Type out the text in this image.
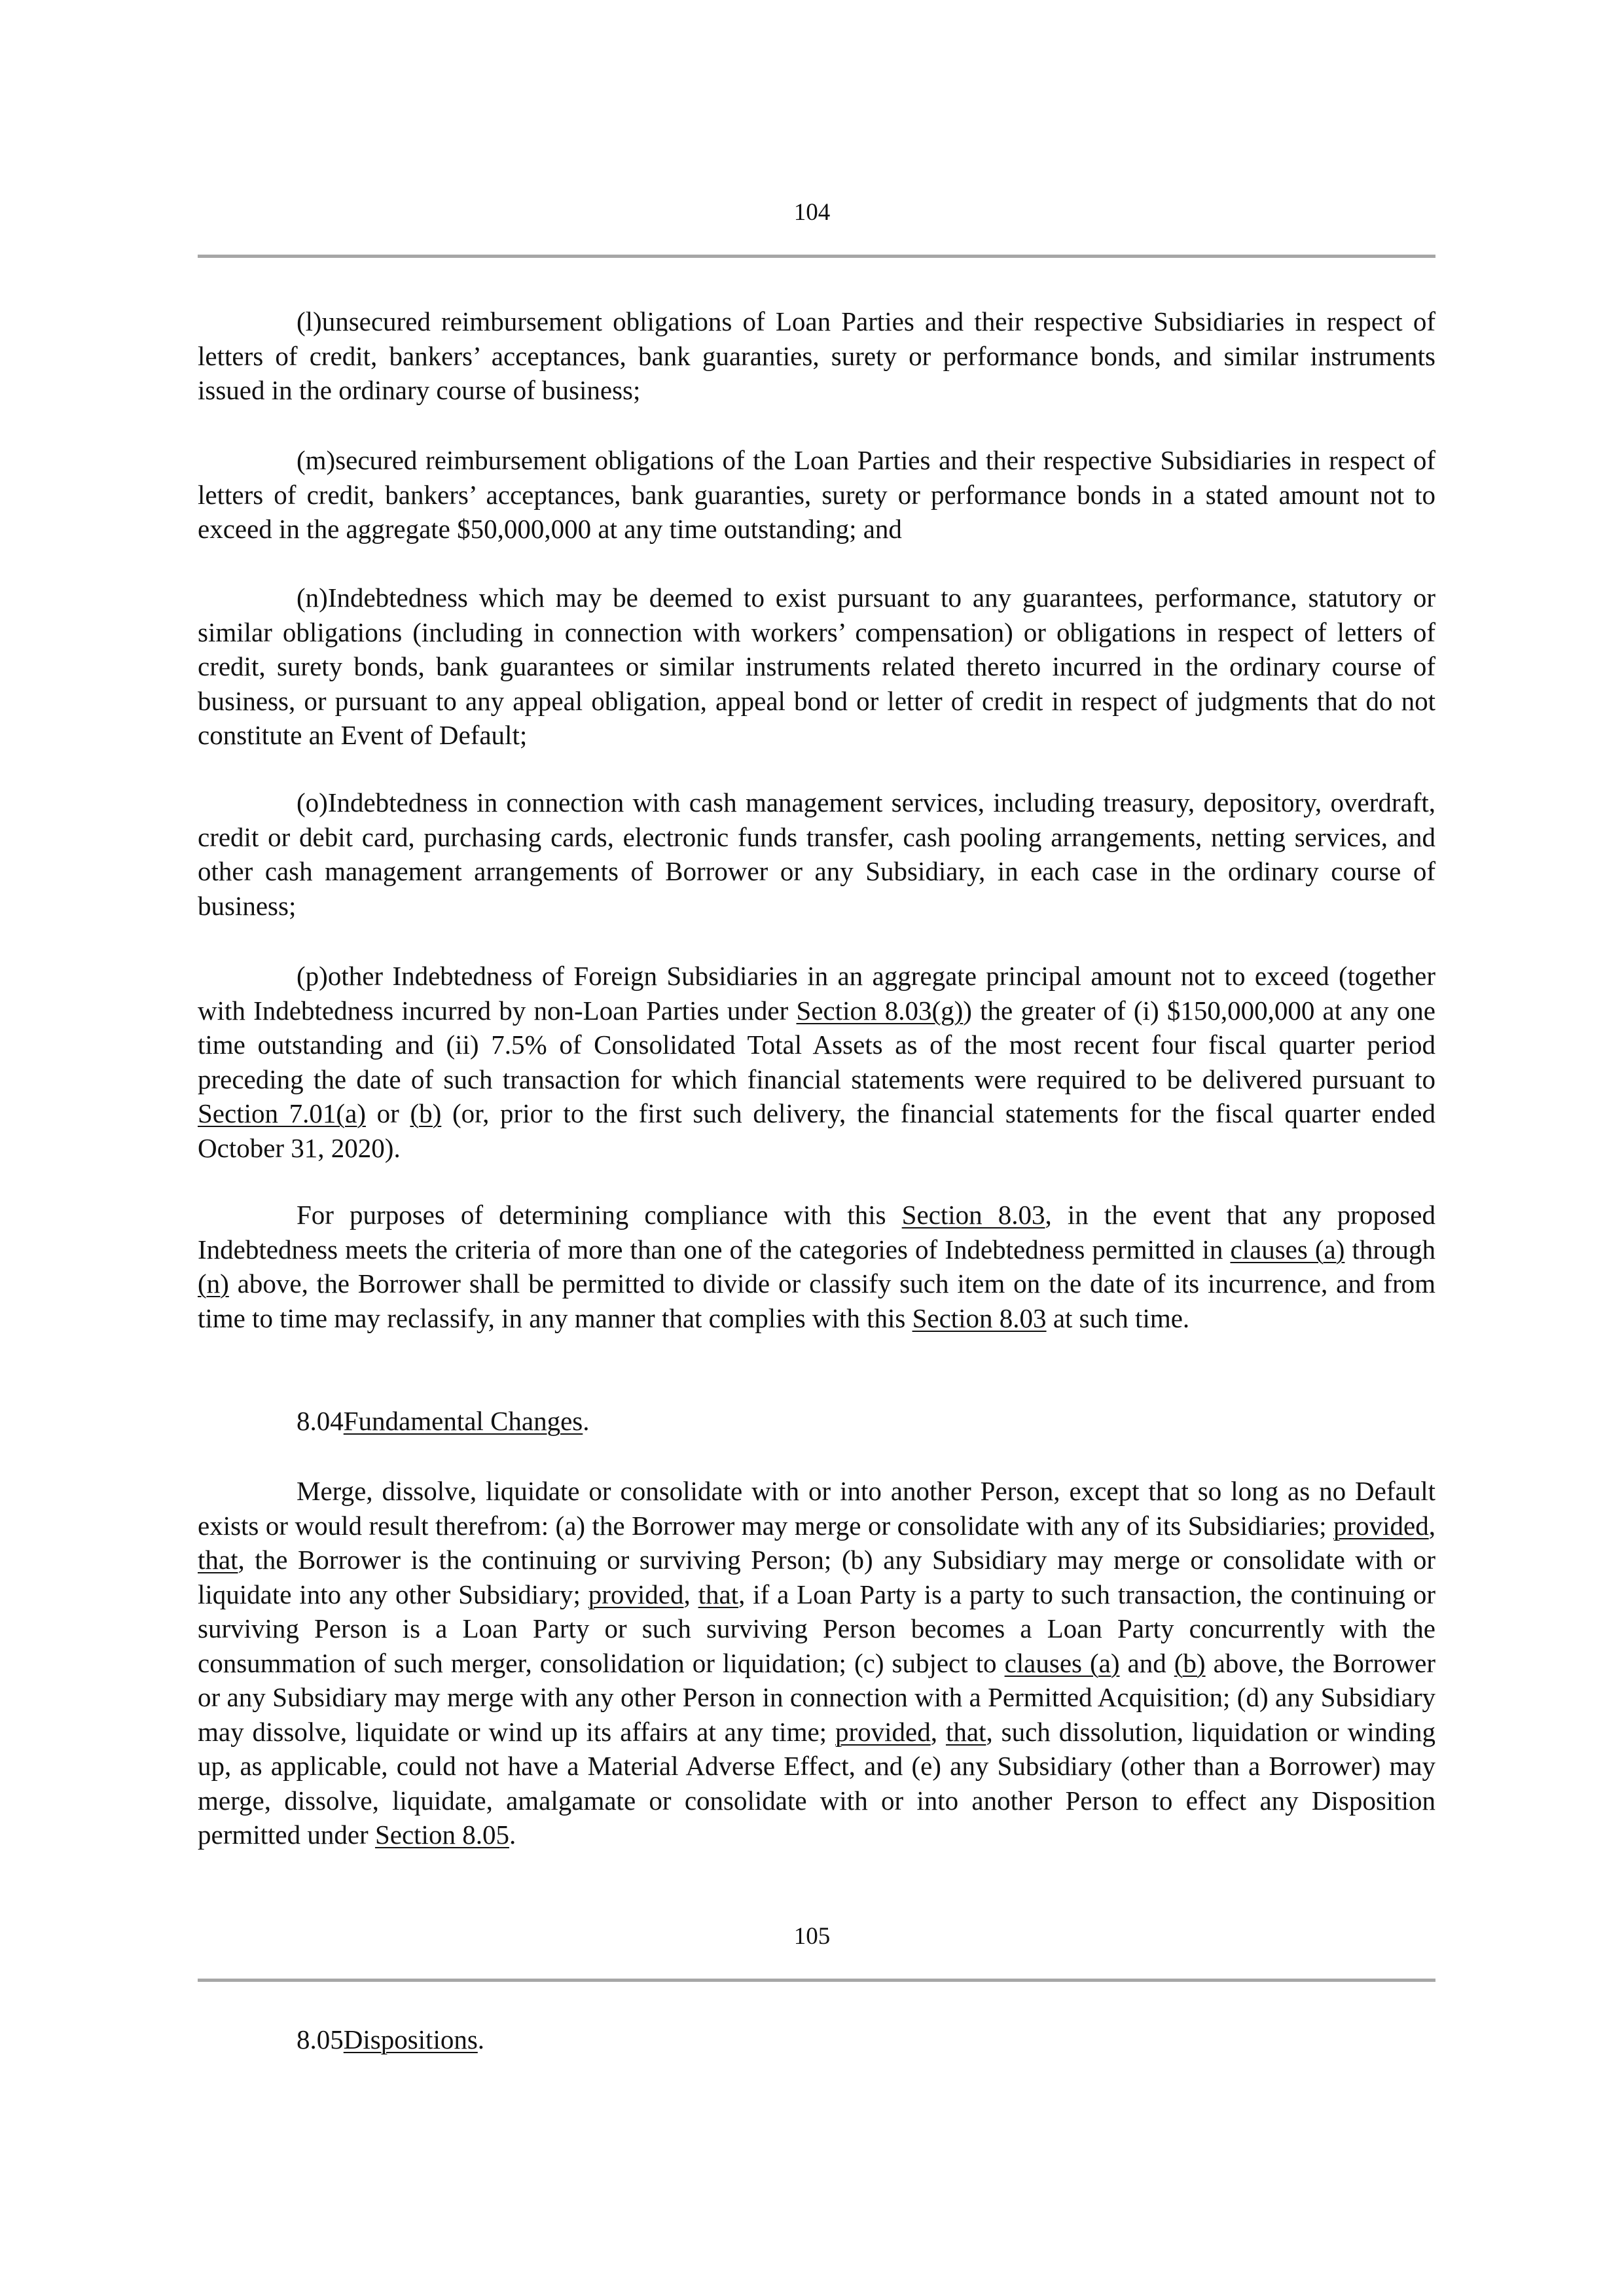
104

(l)unsecured reimbursement obligations of Loan Parties and their respective Subsidiaries in respect of letters of credit, bankers’ acceptances, bank guaranties, surety or performance bonds, and similar instruments issued in the ordinary course of business;

(m)secured reimbursement obligations of the Loan Parties and their respective Subsidiaries in respect of letters of credit, bankers’ acceptances, bank guaranties, surety or performance bonds in a stated amount not to exceed in the aggregate $50,000,000 at any time outstanding; and

(n)Indebtedness which may be deemed to exist pursuant to any guarantees, performance, statutory or similar obligations (including in connection with workers’ compensation) or obligations in respect of letters of credit, surety bonds, bank guarantees or similar instruments related thereto incurred in the ordinary course of business, or pursuant to any appeal obligation, appeal bond or letter of credit in respect of judgments that do not constitute an Event of Default;

(o)Indebtedness in connection with cash management services, including treasury, depository, overdraft, credit or debit card, purchasing cards, electronic funds transfer, cash pooling arrangements, netting services, and other cash management arrangements of Borrower or any Subsidiary, in each case in the ordinary course of business;

(p)other Indebtedness of Foreign Subsidiaries in an aggregate principal amount not to exceed (together with Indebtedness incurred by non-Loan Parties under Section 8.03(g)) the greater of (i) $150,000,000 at any one time outstanding and (ii) 7.5% of Consolidated Total Assets as of the most recent four fiscal quarter period preceding the date of such transaction for which financial statements were required to be delivered pursuant to Section 7.01(a) or (b) (or, prior to the first such delivery, the financial statements for the fiscal quarter ended October 31, 2020).

For purposes of determining compliance with this Section 8.03, in the event that any proposed Indebtedness meets the criteria of more than one of the categories of Indebtedness permitted in clauses (a) through (n) above, the Borrower shall be permitted to divide or classify such item on the date of its incurrence, and from time to time may reclassify, in any manner that complies with this Section 8.03 at such time.

8.04Fundamental Changes.

Merge, dissolve, liquidate or consolidate with or into another Person, except that so long as no Default exists or would result therefrom: (a) the Borrower may merge or consolidate with any of its Subsidiaries; provided, that, the Borrower is the continuing or surviving Person; (b) any Subsidiary may merge or consolidate with or liquidate into any other Subsidiary; provided, that, if a Loan Party is a party to such transaction, the continuing or surviving Person is a Loan Party or such surviving Person becomes a Loan Party concurrently with the consummation of such merger, consolidation or liquidation; (c) subject to clauses (a) and (b) above, the Borrower or any Subsidiary may merge with any other Person in connection with a Permitted Acquisition; (d) any Subsidiary may dissolve, liquidate or wind up its affairs at any time; provided, that, such dissolution, liquidation or winding up, as applicable, could not have a Material Adverse Effect, and (e) any Subsidiary (other than a Borrower) may merge, dissolve, liquidate, amalgamate or consolidate with or into another Person to effect any Disposition permitted under Section 8.05.

105

8.05Dispositions.
